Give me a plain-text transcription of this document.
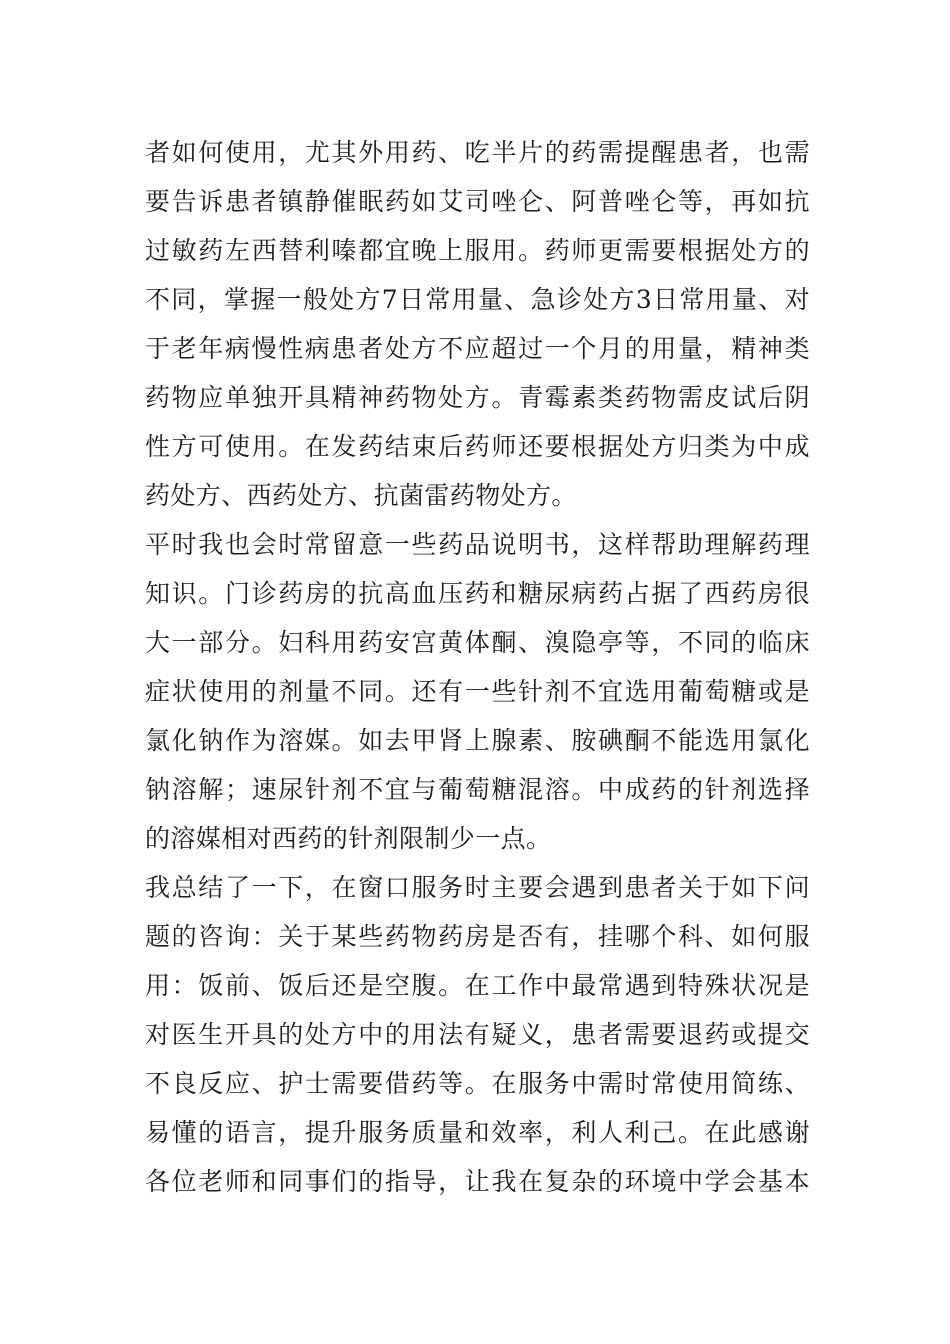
者如何使用，尤其外用药、吃半片的药需提醒患者，也需
要告诉患者镇静催眠药如艾司唑仑、阿普唑仑等，再如抗
过敏药左西替利嗪都宜晚上服用。药师更需要根据处方的
不同，掌握一般处方7日常用量、急诊处方3日常用量、对
于老年病慢性病患者处方不应超过一个月的用量，精神类
药物应单独开具精神药物处方。青霉素类药物需皮试后阴
性方可使用。在发药结束后药师还要根据处方归类为中成
药处方、西药处方、抗菌雷药物处方。
平时我也会时常留意一些药品说明书，这样帮助理解药理
知识。门诊药房的抗高血压药和糖尿病药占据了西药房很
大一部分。妇科用药安宫黄体酮、溴隐亭等，不同的临床
症状使用的剂量不同。还有一些针剂不宜选用葡萄糖或是
氯化钠作为溶媒。如去甲肾上腺素、胺碘酮不能选用氯化
钠溶解；速尿针剂不宜与葡萄糖混溶。中成药的针剂选择
的溶媒相对西药的针剂限制少一点。
我总结了一下，在窗口服务时主要会遇到患者关于如下问
题的咨询：关于某些药物药房是否有，挂哪个科、如何服
用：饭前、饭后还是空腹。在工作中最常遇到特殊状况是
对医生开具的处方中的用法有疑义，患者需要退药或提交
不良反应、护士需要借药等。在服务中需时常使用简练、
易懂的语言，提升服务质量和效率，利人利己。在此感谢
各位老师和同事们的指导，让我在复杂的环境中学会基本
